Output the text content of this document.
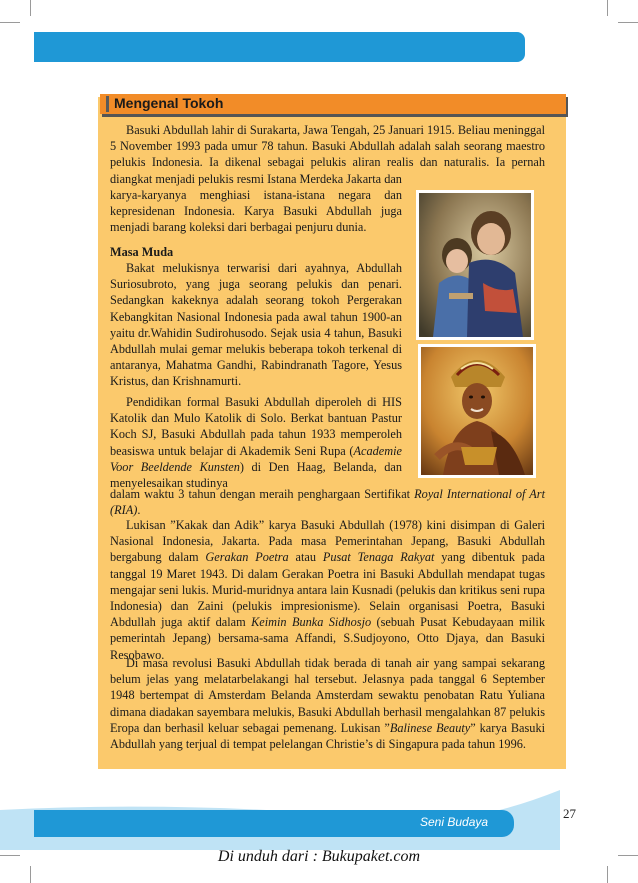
Mengenal Tokoh
Basuki Abdullah lahir di Surakarta, Jawa Tengah, 25 Januari 1915. Beliau meninggal 5 November 1993 pada umur 78 tahun. Basuki Abdullah adalah salah seorang maestro pelukis Indonesia. Ia dikenal sebagai pelukis aliran realis dan naturalis. Ia pernah diangkat menjadi pelukis resmi Istana Merdeka Jakarta dan
karya-karyanya menghiasi istana-istana negara dan kepresidenan Indonesia. Karya Basuki Abdullah juga menjadi barang koleksi dari berbagai penjuru dunia.
Masa Muda
Bakat melukisnya terwarisi dari ayahnya, Abdullah Suriosubroto, yang juga seorang pelukis dan penari. Sedangkan kakeknya adalah seorang tokoh Pergerakan Kebangkitan Nasional Indonesia pada awal tahun 1900-an yaitu dr.Wahidin Sudirohusodo. Sejak usia 4 tahun, Basuki Abdullah mulai gemar melukis beberapa tokoh terkenal di antaranya, Mahatma Gandhi, Rabindranath Tagore, Yesus Kristus, dan Krishnamurti.
Pendidikan formal Basuki Abdullah diperoleh di HIS Katolik dan Mulo Katolik di Solo. Berkat bantuan Pastur Koch SJ, Basuki Abdullah pada tahun 1933 memperoleh beasiswa untuk belajar di Akademik Seni Rupa (Academie Voor Beeldende Kunsten) di Den Haag, Belanda, dan menyelesaikan studinya
dalam waktu 3 tahun dengan meraih penghargaan Sertifikat Royal International of Art (RIA).
Lukisan ”Kakak dan Adik” karya Basuki Abdullah (1978) kini disimpan di Galeri Nasional Indonesia, Jakarta. Pada masa Pemerintahan Jepang, Basuki Abdullah bergabung dalam Gerakan Poetra atau Pusat Tenaga Rakyat yang dibentuk pada tanggal 19 Maret 1943. Di dalam Gerakan Poetra ini Basuki Abdullah mendapat tugas mengajar seni lukis. Murid-muridnya antara lain Kusnadi (pelukis dan kritikus seni rupa Indonesia) dan Zaini (pelukis impresionisme). Selain organisasi Poetra, Basuki Abdullah juga aktif dalam Keimin Bunka Sidhosjo (sebuah Pusat Kebudayaan milik pemerintah Jepang) bersama-sama Affandi, S.Sudjoyono, Otto Djaya, dan Basuki Resobawo.
Di masa revolusi Basuki Abdullah tidak berada di tanah air yang sampai sekarang belum jelas yang melatarbelakangi hal tersebut. Jelasnya pada tanggal 6 September 1948 bertempat di Amsterdam Belanda Amsterdam sewaktu penobatan Ratu Yuliana dimana diadakan sayembara melukis, Basuki Abdullah berhasil mengalahkan 87 pelukis Eropa dan berhasil keluar sebagai pemenang. Lukisan ”Balinese Beauty” karya Basuki Abdullah yang terjual di tempat pelelangan Christie’s di Singapura pada tahun 1996.
Seni Budaya
27
Di unduh dari : Bukupaket.com
